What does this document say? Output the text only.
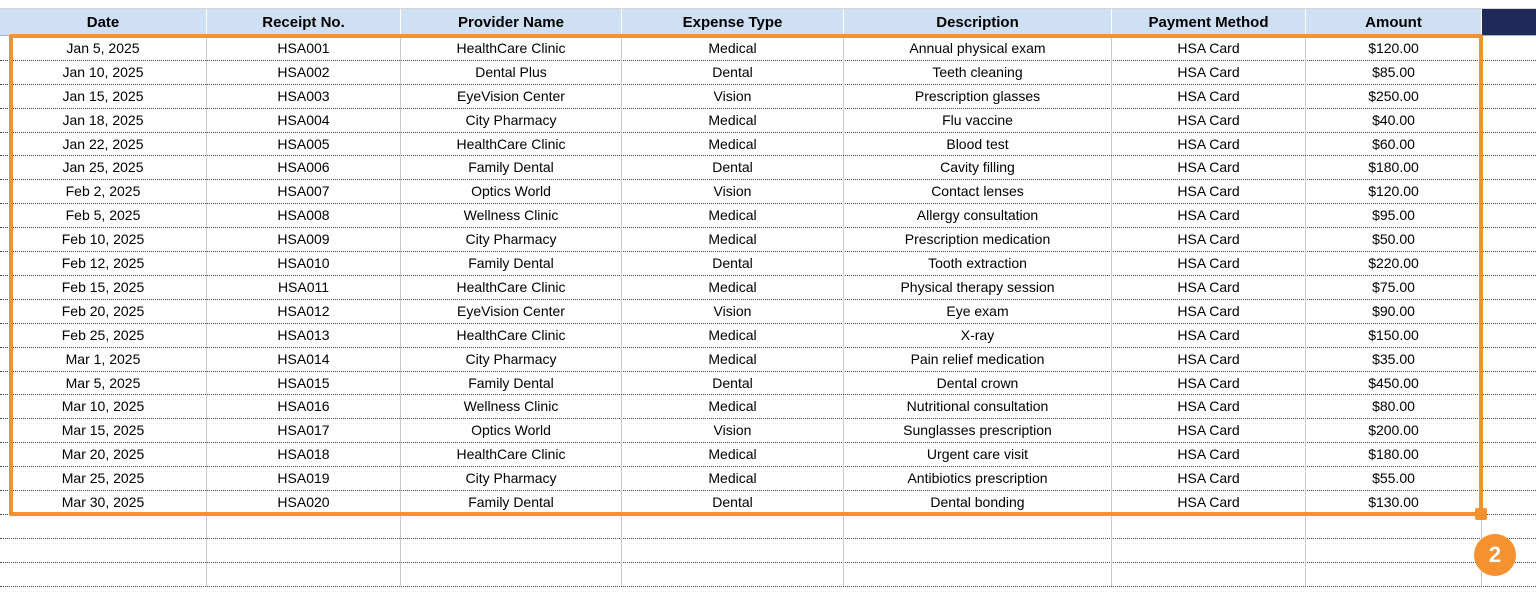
Date	Receipt No.	Provider Name	Expense Type	Description	Payment Method	Amount
Jan 5, 2025	HSA001	HealthCare Clinic	Medical	Annual physical exam	HSA Card	$120.00
Jan 10, 2025	HSA002	Dental Plus	Dental	Teeth cleaning	HSA Card	$85.00
Jan 15, 2025	HSA003	EyeVision Center	Vision	Prescription glasses	HSA Card	$250.00
Jan 18, 2025	HSA004	City Pharmacy	Medical	Flu vaccine	HSA Card	$40.00
Jan 22, 2025	HSA005	HealthCare Clinic	Medical	Blood test	HSA Card	$60.00
Jan 25, 2025	HSA006	Family Dental	Dental	Cavity filling	HSA Card	$180.00
Feb 2, 2025	HSA007	Optics World	Vision	Contact lenses	HSA Card	$120.00
Feb 5, 2025	HSA008	Wellness Clinic	Medical	Allergy consultation	HSA Card	$95.00
Feb 10, 2025	HSA009	City Pharmacy	Medical	Prescription medication	HSA Card	$50.00
Feb 12, 2025	HSA010	Family Dental	Dental	Tooth extraction	HSA Card	$220.00
Feb 15, 2025	HSA011	HealthCare Clinic	Medical	Physical therapy session	HSA Card	$75.00
Feb 20, 2025	HSA012	EyeVision Center	Vision	Eye exam	HSA Card	$90.00
Feb 25, 2025	HSA013	HealthCare Clinic	Medical	X-ray	HSA Card	$150.00
Mar 1, 2025	HSA014	City Pharmacy	Medical	Pain relief medication	HSA Card	$35.00
Mar 5, 2025	HSA015	Family Dental	Dental	Dental crown	HSA Card	$450.00
Mar 10, 2025	HSA016	Wellness Clinic	Medical	Nutritional consultation	HSA Card	$80.00
Mar 15, 2025	HSA017	Optics World	Vision	Sunglasses prescription	HSA Card	$200.00
Mar 20, 2025	HSA018	HealthCare Clinic	Medical	Urgent care visit	HSA Card	$180.00
Mar 25, 2025	HSA019	City Pharmacy	Medical	Antibiotics prescription	HSA Card	$55.00
Mar 30, 2025	HSA020	Family Dental	Dental	Dental bonding	HSA Card	$130.00
2
